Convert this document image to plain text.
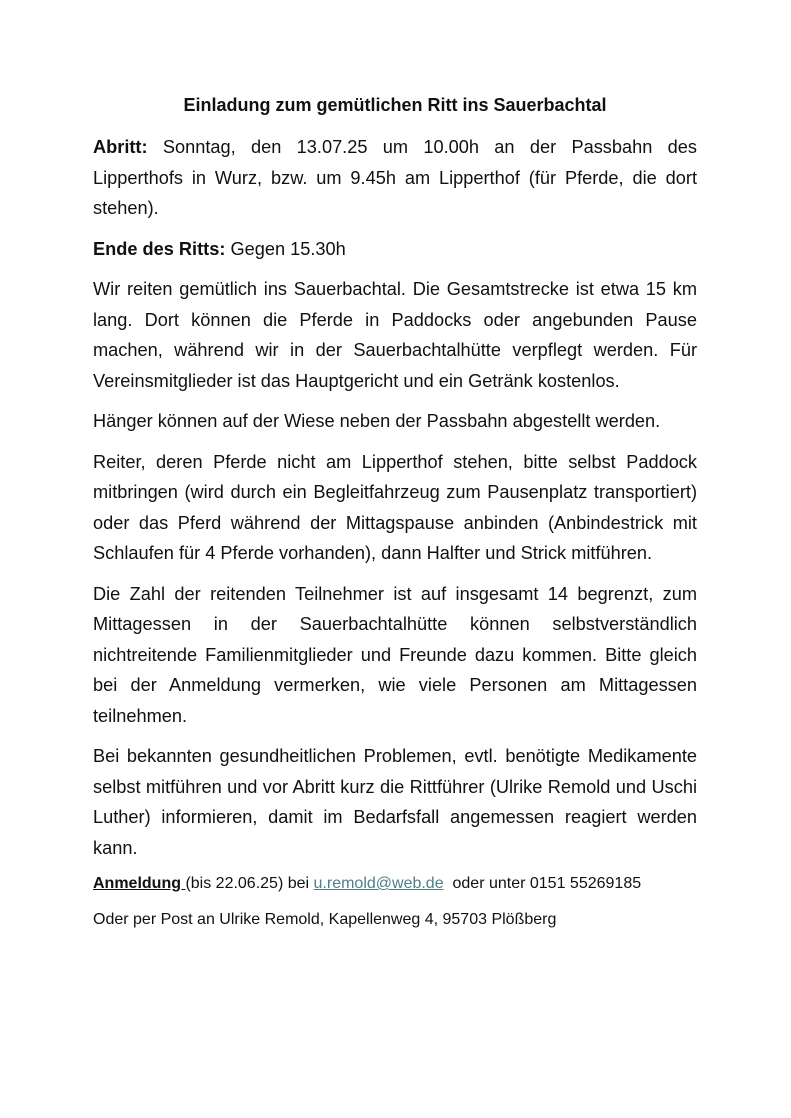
Einladung zum gemütlichen Ritt ins Sauerbachtal

Abritt: Sonntag, den 13.07.25 um 10.00h an der Passbahn des Lipperthofs in Wurz, bzw. um 9.45h am Lipperthof (für Pferde, die dort stehen).

Ende des Ritts: Gegen 15.30h

Wir reiten gemütlich ins Sauerbachtal. Die Gesamtstrecke ist etwa 15 km lang. Dort können die Pferde in Paddocks oder angebunden Pause machen, während wir in der Sauerbachtalhütte verpflegt werden. Für Vereinsmitglieder ist das Hauptgericht und ein Getränk kostenlos.

Hänger können auf der Wiese neben der Passbahn abgestellt werden.

Reiter, deren Pferde nicht am Lipperthof stehen, bitte selbst Paddock mitbringen (wird durch ein Begleitfahrzeug zum Pausenplatz transportiert) oder das Pferd während der Mittagspause anbinden (Anbindestrick mit Schlaufen für 4 Pferde vorhanden), dann Halfter und Strick mitführen.

Die Zahl der reitenden Teilnehmer ist auf insgesamt 14 begrenzt, zum Mittagessen in der Sauerbachtalhütte können selbstverständlich nichtreitende Familienmitglieder und Freunde dazu kommen. Bitte gleich bei der Anmeldung vermerken, wie viele Personen am Mittagessen teilnehmen.

Bei bekannten gesundheitlichen Problemen, evtl. benötigte Medikamente selbst mitführen und vor Abritt kurz die Rittführer (Ulrike Remold und Uschi Luther) informieren, damit im Bedarfsfall angemessen reagiert werden kann.

Anmeldung (bis 22.06.25) bei u.remold@web.de  oder unter 0151 55269185
Oder per Post an Ulrike Remold, Kapellenweg 4, 95703 Plößberg
